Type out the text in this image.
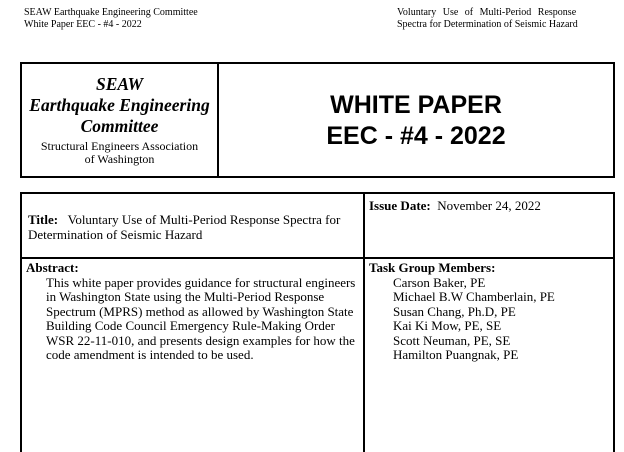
SEAW Earthquake Engineering Committee
White Paper EEC - #4 - 2022
Voluntary Use of Multi-Period Response
Spectra for Determination of Seismic Hazard
SEAW
Earthquake Engineering
Committee
Structural Engineers Association
of Washington
WHITE PAPER
EEC - #4 - 2022
Title: Voluntary Use of Multi-Period Response Spectra for Determination of Seismic Hazard
Issue Date: November 24, 2022
Abstract:
This white paper provides guidance for structural engineers in Washington State using the Multi-Period Response Spectrum (MPRS) method as allowed by Washington State Building Code Council Emergency Rule-Making Order WSR 22-11-010, and presents design examples for how the code amendment is intended to be used.
Task Group Members:
Carson Baker, PE
Michael B.W Chamberlain, PE
Susan Chang, Ph.D, PE
Kai Ki Mow, PE, SE
Scott Neuman, PE, SE
Hamilton Puangnak, PE
